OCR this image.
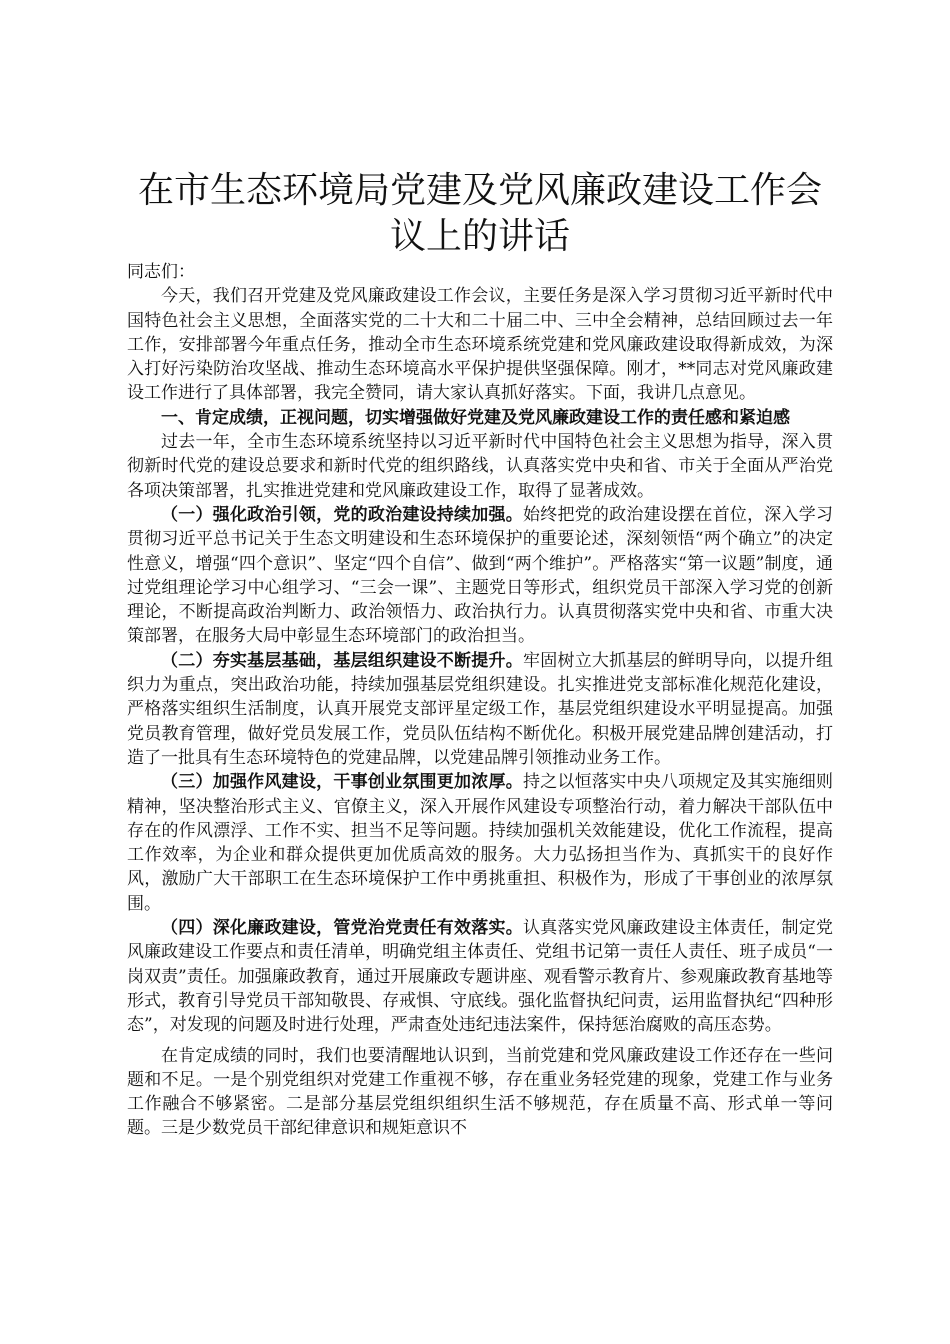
在市生态环境局党建及党风廉政建设工作会议上的讲话

同志们：

今天，我们召开党建及党风廉政建设工作会议，主要任务是深入学习贯彻习近平新时代中国特色社会主义思想，全面落实党的二十大和二十届二中、三中全会精神，总结回顾过去一年工作，安排部署今年重点任务，推动全市生态环境系统党建和党风廉政建设取得新成效，为深入打好污染防治攻坚战、推动生态环境高水平保护提供坚强保障。刚才，**同志对党风廉政建设工作进行了具体部署，我完全赞同，请大家认真抓好落实。下面，我讲几点意见。

一、肯定成绩，正视问题，切实增强做好党建及党风廉政建设工作的责任感和紧迫感

过去一年，全市生态环境系统坚持以习近平新时代中国特色社会主义思想为指导，深入贯彻新时代党的建设总要求和新时代党的组织路线，认真落实党中央和省、市关于全面从严治党各项决策部署，扎实推进党建和党风廉政建设工作，取得了显著成效。

（一）强化政治引领，党的政治建设持续加强。始终把党的政治建设摆在首位，深入学习贯彻习近平总书记关于生态文明建设和生态环境保护的重要论述，深刻领悟“两个确立”的决定性意义，增强“四个意识”、坚定“四个自信”、做到“两个维护”。严格落实“第一议题”制度，通过党组理论学习中心组学习、“三会一课”、主题党日等形式，组织党员干部深入学习党的创新理论，不断提高政治判断力、政治领悟力、政治执行力。认真贯彻落实党中央和省、市重大决策部署，在服务大局中彰显生态环境部门的政治担当。

（二）夯实基层基础，基层组织建设不断提升。牢固树立大抓基层的鲜明导向，以提升组织力为重点，突出政治功能，持续加强基层党组织建设。扎实推进党支部标准化规范化建设，严格落实组织生活制度，认真开展党支部评星定级工作，基层党组织建设水平明显提高。加强党员教育管理，做好党员发展工作，党员队伍结构不断优化。积极开展党建品牌创建活动，打造了一批具有生态环境特色的党建品牌，以党建品牌引领推动业务工作。

（三）加强作风建设，干事创业氛围更加浓厚。持之以恒落实中央八项规定及其实施细则精神，坚决整治形式主义、官僚主义，深入开展作风建设专项整治行动，着力解决干部队伍中存在的作风漂浮、工作不实、担当不足等问题。持续加强机关效能建设，优化工作流程，提高工作效率，为企业和群众提供更加优质高效的服务。大力弘扬担当作为、真抓实干的良好作风，激励广大干部职工在生态环境保护工作中勇挑重担、积极作为，形成了干事创业的浓厚氛围。

（四）深化廉政建设，管党治党责任有效落实。认真落实党风廉政建设主体责任，制定党风廉政建设工作要点和责任清单，明确党组主体责任、党组书记第一责任人责任、班子成员“一岗双责”责任。加强廉政教育，通过开展廉政专题讲座、观看警示教育片、参观廉政教育基地等形式，教育引导党员干部知敬畏、存戒惧、守底线。强化监督执纪问责，运用监督执纪“四种形态”，对发现的问题及时进行处理，严肃查处违纪违法案件，保持惩治腐败的高压态势。

在肯定成绩的同时，我们也要清醒地认识到，当前党建和党风廉政建设工作还存在一些问题和不足。一是个别党组织对党建工作重视不够，存在重业务轻党建的现象，党建工作与业务工作融合不够紧密。二是部分基层党组织组织生活不够规范，存在质量不高、形式单一等问题。三是少数党员干部纪律意识和规矩意识不
